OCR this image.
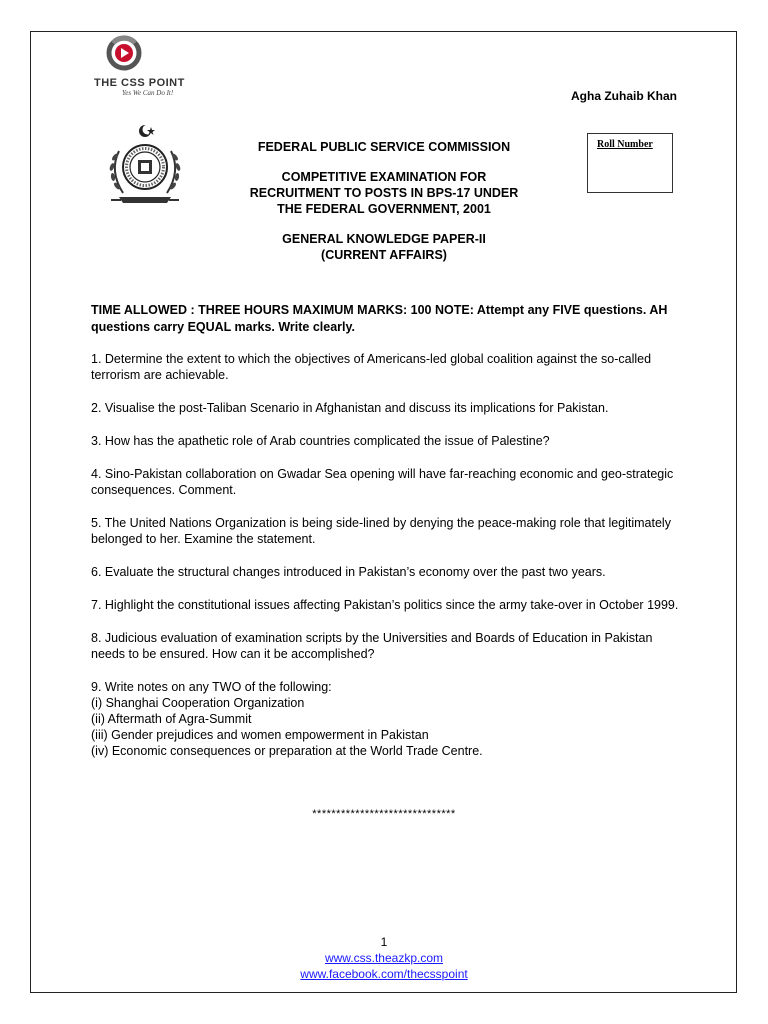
THE CSS POINT
Yes We Can Do It!	Agha Zuhaib Khan
Roll Number
FEDERAL PUBLIC SERVICE COMMISSION
COMPETITIVE EXAMINATION FOR
RECRUITMENT TO POSTS IN BPS-17 UNDER
THE FEDERAL GOVERNMENT, 2001
GENERAL KNOWLEDGE PAPER-II
(CURRENT AFFAIRS)
TIME ALLOWED : THREE HOURS MAXIMUM MARKS: 100 NOTE: Attempt any FIVE questions. AH questions carry EQUAL marks. Write clearly.
1. Determine the extent to which the objectives of Americans-led global coalition against the so-called terrorism are achievable.
2. Visualise the post-Taliban Scenario in Afghanistan and discuss its implications for Pakistan.
3. How has the apathetic role of Arab countries complicated the issue of Palestine?
4. Sino-Pakistan collaboration on Gwadar Sea opening will have far-reaching economic and geo-strategic consequences. Comment.
5. The United Nations Organization is being side-lined by denying the peace-making role that legitimately belonged to her. Examine the statement.
6. Evaluate the structural changes introduced in Pakistan’s economy over the past two years.
7. Highlight the constitutional issues affecting Pakistan’s politics since the army take-over in October 1999.
8. Judicious evaluation of examination scripts by the Universities and Boards of Education in Pakistan needs to be ensured. How can it be accomplished?
9. Write notes on any TWO of the following:
(i) Shanghai Cooperation Organization
(ii) Aftermath of Agra-Summit
(iii) Gender prejudices and women empowerment in Pakistan
(iv) Economic consequences or preparation at the World Trade Centre.
******************************
1
www.css.theazkp.com
www.facebook.com/thecsspoint
